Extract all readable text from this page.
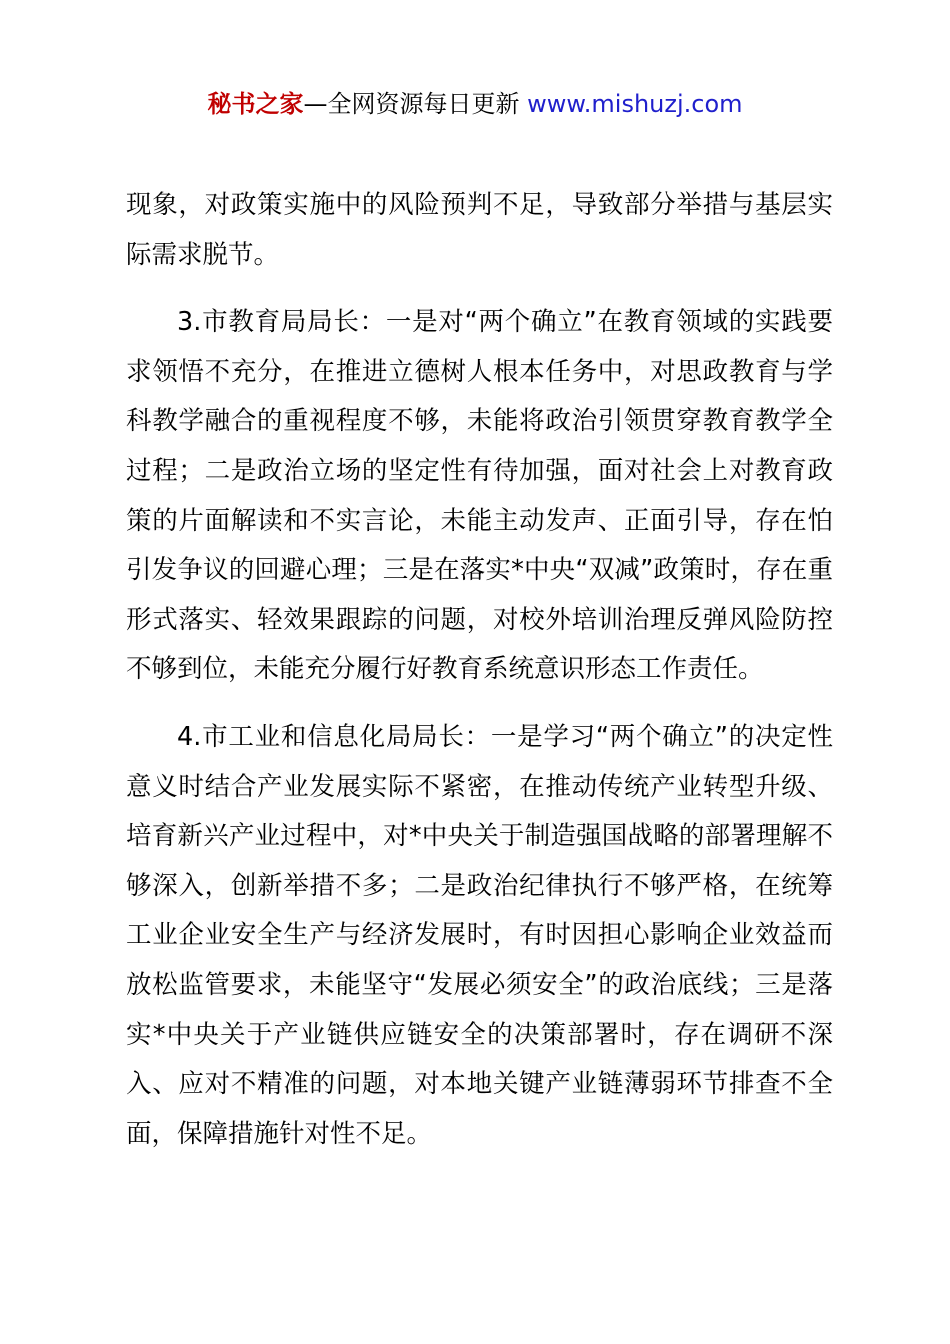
秘书之家—全网资源每日更新 www.mishuzj.com

现象，对政策实施中的风险预判不足，导致部分举措与基层实际需求脱节。

3.市教育局局长：一是对“两个确立”在教育领域的实践要求领悟不充分，在推进立德树人根本任务中，对思政教育与学科教学融合的重视程度不够，未能将政治引领贯穿教育教学全过程；二是政治立场的坚定性有待加强，面对社会上对教育政策的片面解读和不实言论，未能主动发声、正面引导，存在怕引发争议的回避心理；三是在落实*中央“双减”政策时，存在重形式落实、轻效果跟踪的问题，对校外培训治理反弹风险防控不够到位，未能充分履行好教育系统意识形态工作责任。

4.市工业和信息化局局长：一是学习“两个确立”的决定性意义时结合产业发展实际不紧密，在推动传统产业转型升级、培育新兴产业过程中，对*中央关于制造强国战略的部署理解不够深入，创新举措不多；二是政治纪律执行不够严格，在统筹工业企业安全生产与经济发展时，有时因担心影响企业效益而放松监管要求，未能坚守“发展必须安全”的政治底线；三是落实*中央关于产业链供应链安全的决策部署时，存在调研不深入、应对不精准的问题，对本地关键产业链薄弱环节排查不全面，保障措施针对性不足。
